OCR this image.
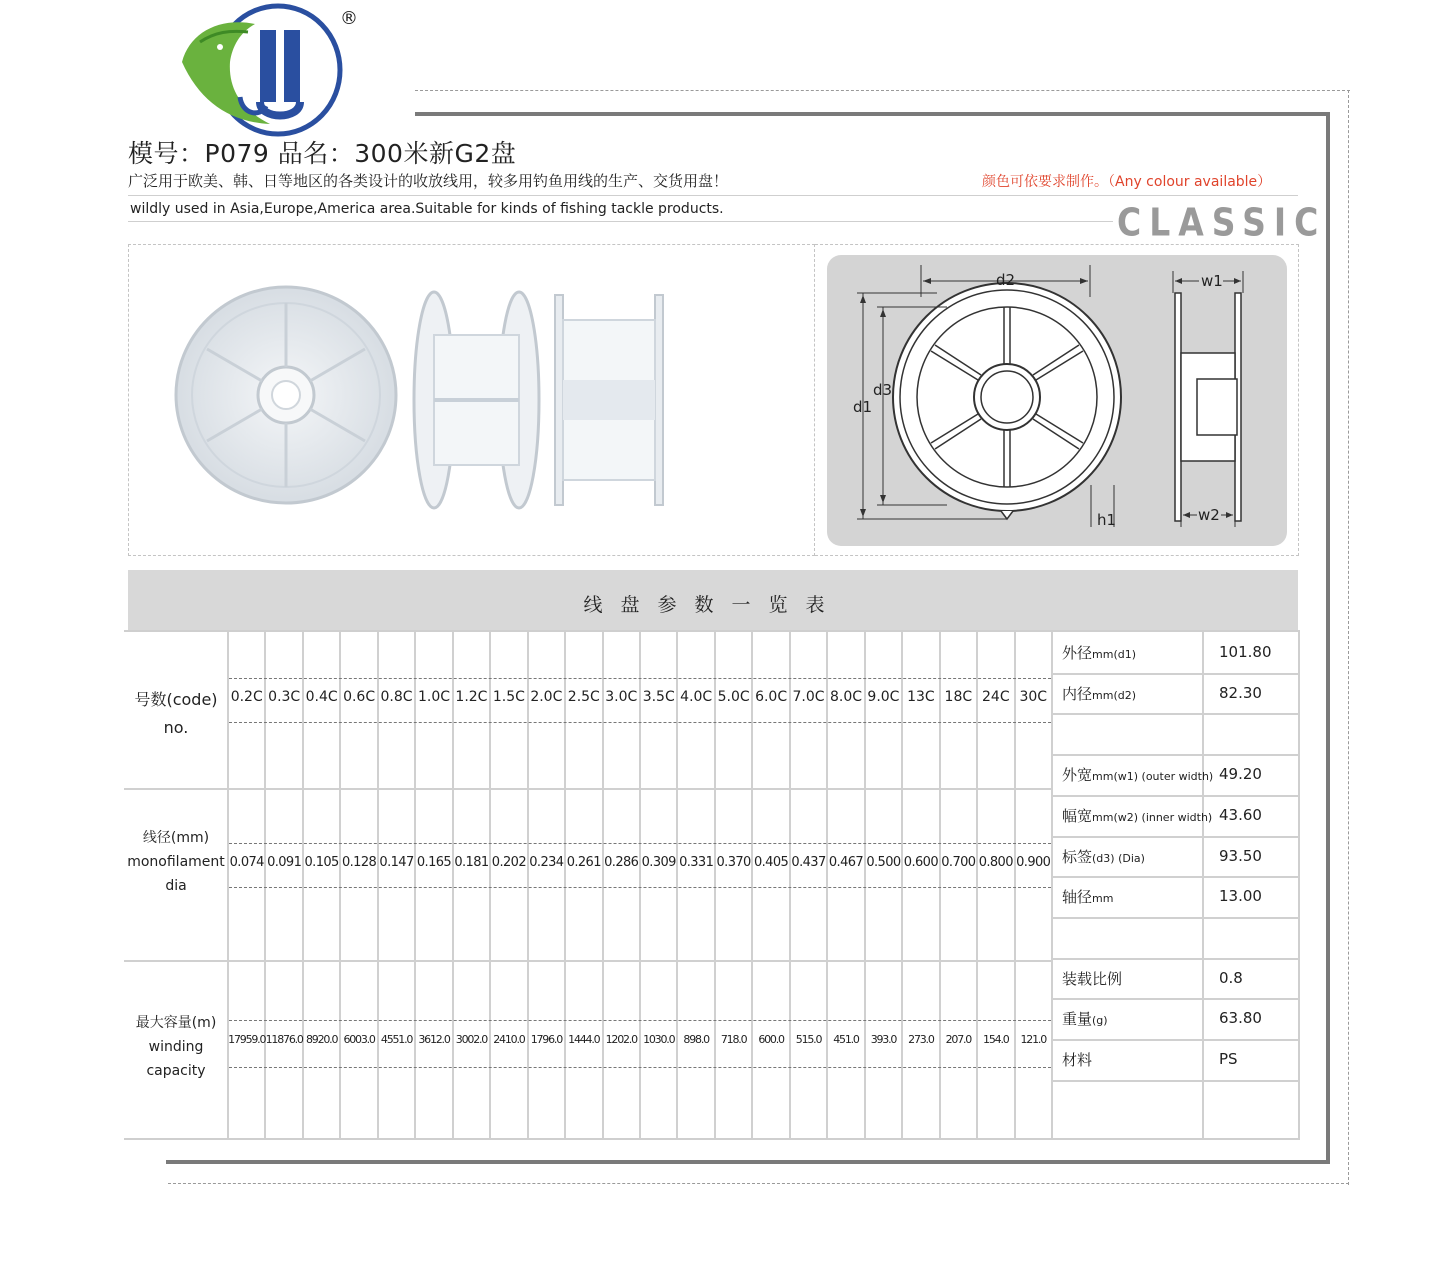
®
模号：P079 品名：300米新G2盘
广泛用于欧美、韩、日等地区的各类设计的收放线用，较多用钓鱼用线的生产、交货用盘！	颜色可依要求制作。（Any colour available）
wildly used in Asia,Europe,America area.Suitable for kinds of fishing tackle products.	CLASSIC
d2
d1
d3
h1
w1
w2
线盘参数一览表
号数(code)
no.
线径(mm)
monofilament
dia
最大容量(m)
winding
capacity
0.2C 0.3C 0.4C 0.6C 0.8C 1.0C 1.2C 1.5C 2.0C 2.5C 3.0C 3.5C 4.0C 5.0C 6.0C 7.0C 8.0C 9.0C 13C 18C 24C 30C
0.074 0.091 0.105 0.128 0.147 0.165 0.181 0.202 0.234 0.261 0.286 0.309 0.331 0.370 0.405 0.437 0.467 0.500 0.600 0.700 0.800 0.900
17959.0 11876.0 8920.0 6003.0 4551.0 3612.0 3002.0 2410.0 1796.0 1444.0 1202.0 1030.0 898.0	718.0	600.0	515.0	451.0	393.0	273.0	207.0	154.0	121.0
外径mm(d1)	101.80
内径mm(d2)	82.30
外宽mm(w1) (outer width) 49.20
幅宽mm(w2) (inner width) 43.60
标签(d3) (Dia)	93.50
轴径mm	13.00
装载比例	0.8
重量(g)	63.80
材料	PS
